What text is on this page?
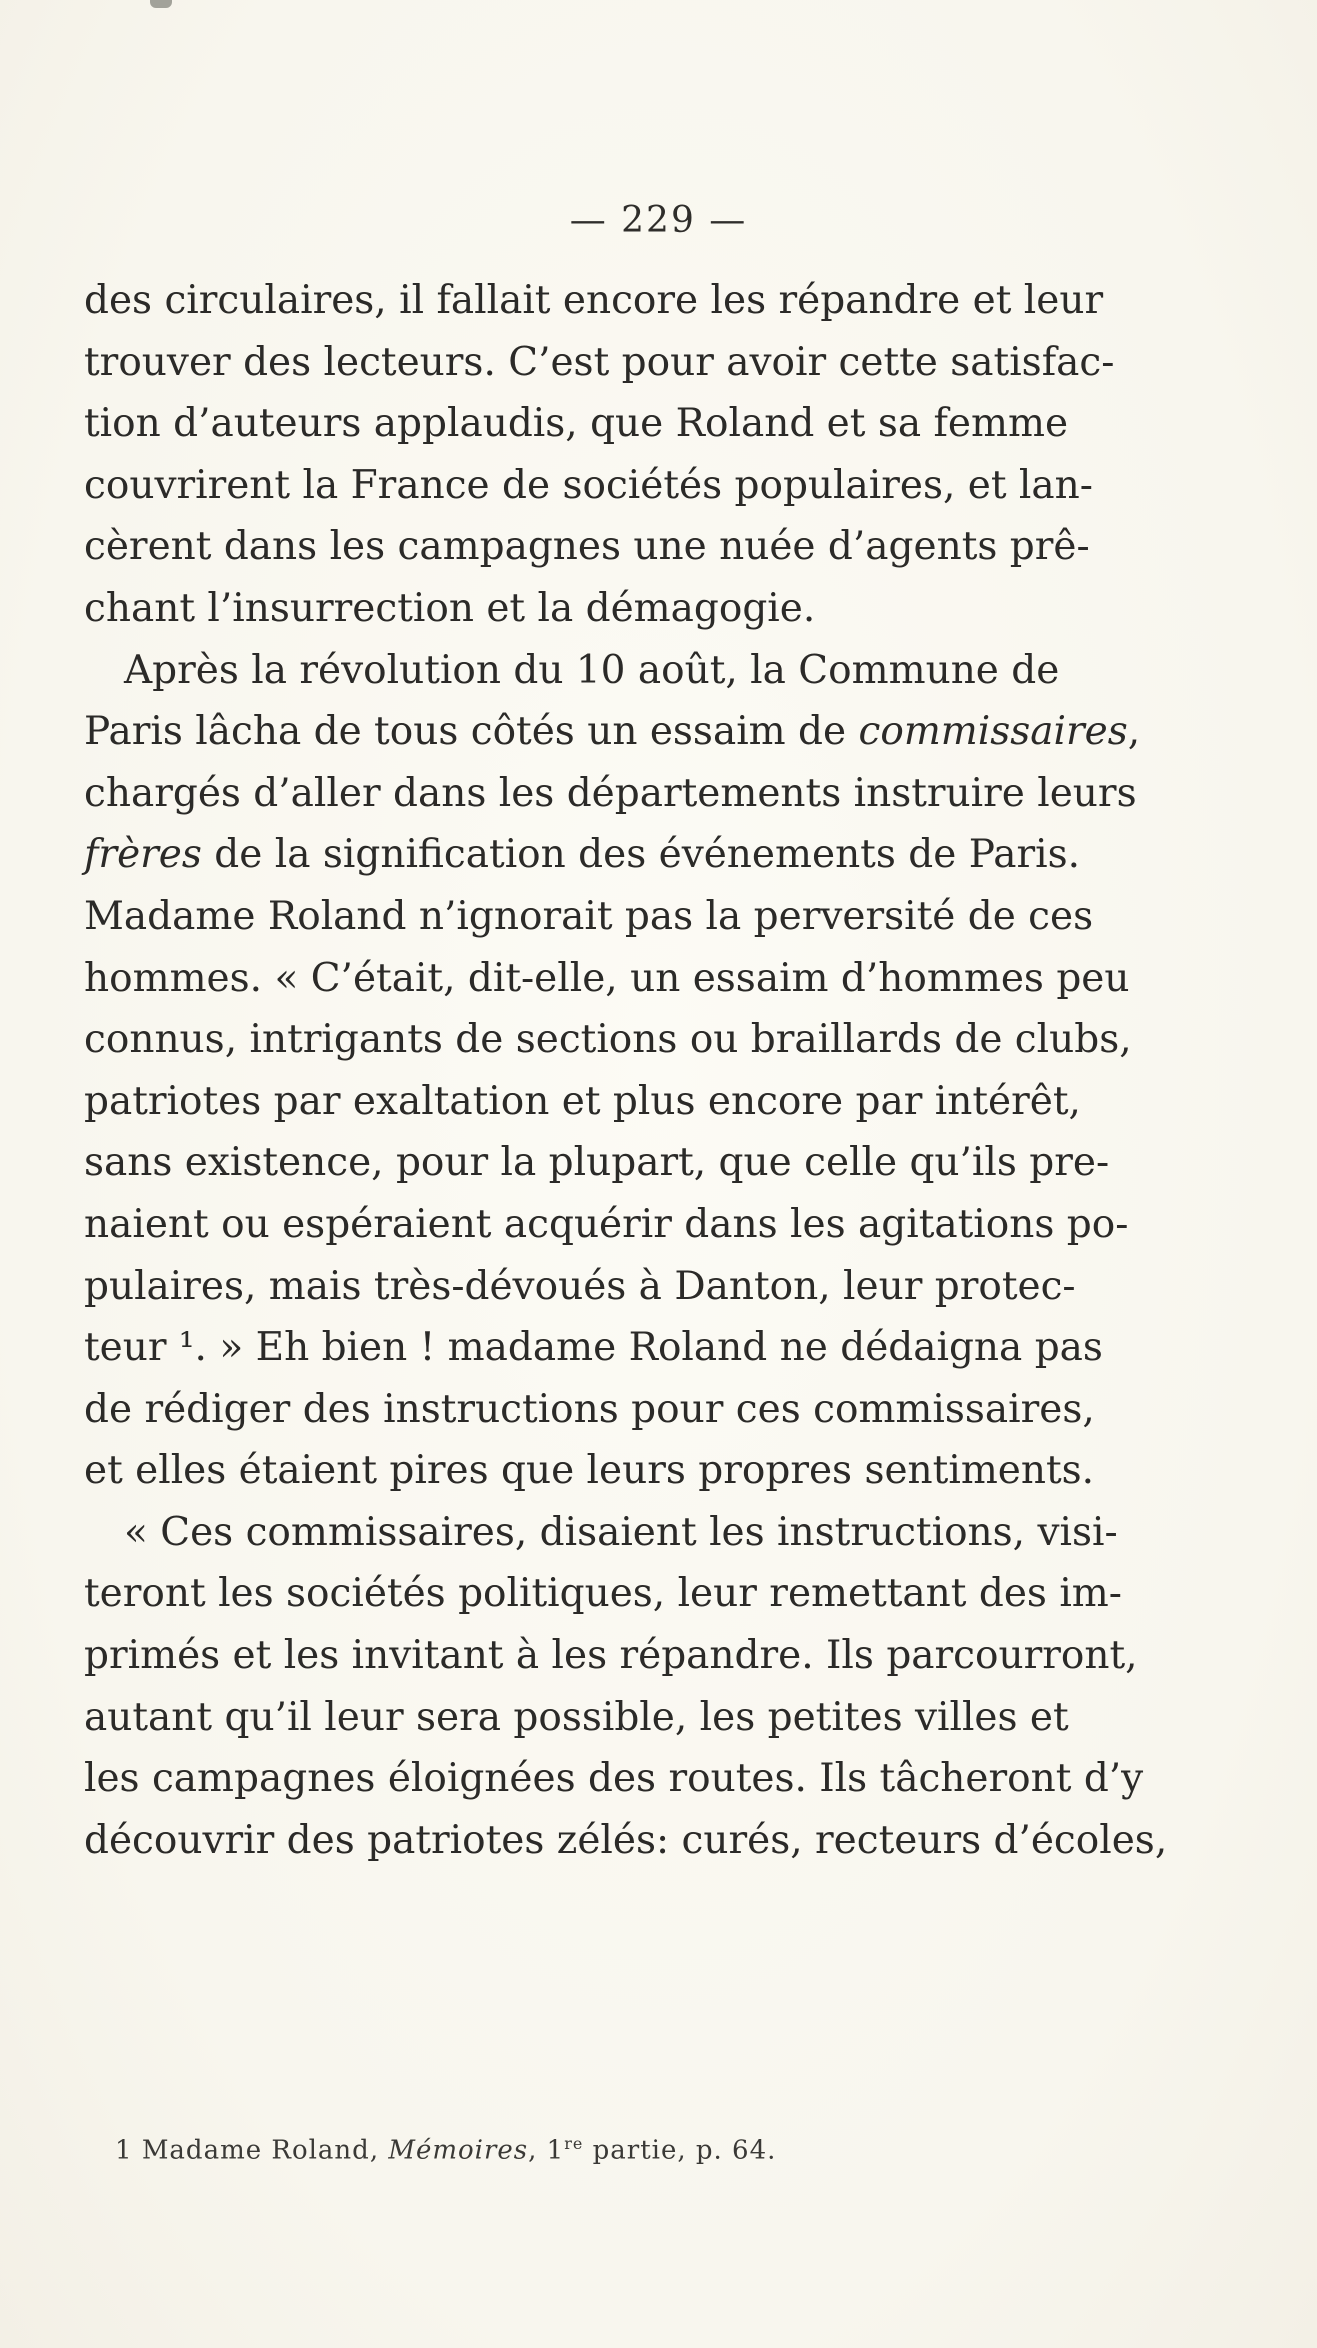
— 229 —
des circulaires, il fallait encore les répandre et leur
trouver des lecteurs. C’est pour avoir cette satisfac-
tion d’auteurs applaudis, que Roland et sa femme
couvrirent la France de sociétés populaires, et lan-
cèrent dans les campagnes une nuée d’agents prê-
chant l’insurrection et la démagogie.
Après la révolution du 10 août, la Commune de
Paris lâcha de tous côtés un essaim de commissaires,
chargés d’aller dans les départements instruire leurs
frères de la signification des événements de Paris.
Madame Roland n’ignorait pas la perversité de ces
hommes. « C’était, dit-elle, un essaim d’hommes peu
connus, intrigants de sections ou braillards de clubs,
patriotes par exaltation et plus encore par intérêt,
sans existence, pour la plupart, que celle qu’ils pre-
naient ou espéraient acquérir dans les agitations po-
pulaires, mais très-dévoués à Danton, leur protec-
teur ¹. » Eh bien ! madame Roland ne dédaigna pas
de rédiger des instructions pour ces commissaires,
et elles étaient pires que leurs propres sentiments.
« Ces commissaires, disaient les instructions, visi-
teront les sociétés politiques, leur remettant des im-
primés et les invitant à les répandre. Ils parcourront,
autant qu’il leur sera possible, les petites villes et
les campagnes éloignées des routes. Ils tâcheront d’y
découvrir des patriotes zélés: curés, recteurs d’écoles,
1 Madame Roland, Mémoires, 1re partie, p. 64.
